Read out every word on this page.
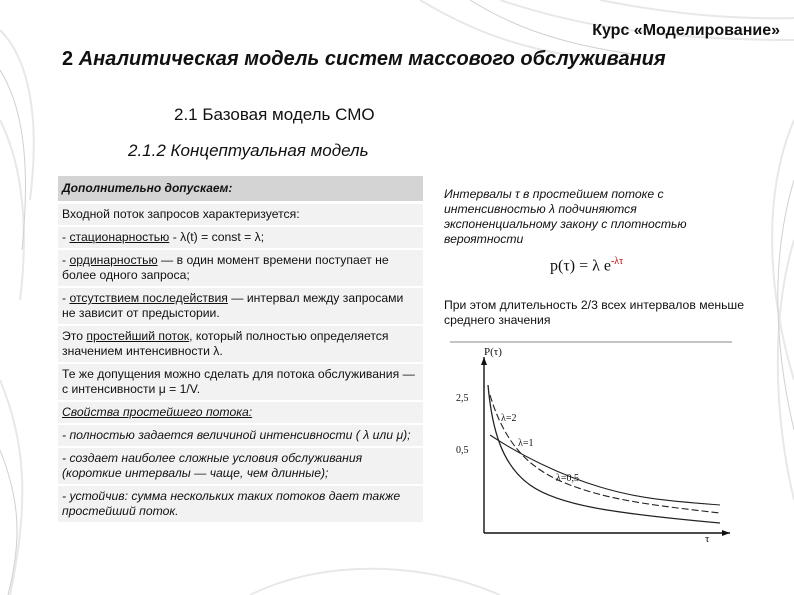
Курс «Моделирование»
2 Аналитическая модель систем массового обслуживания
2.1 Базовая модель СМО
2.1.2 Концептуальная модель
Дополнительно допускаем:
Входной поток запросов характеризуется:
- стационарностью - λ(t) = const = λ;
- ординарностью — в один момент времени поступает не более одного запроса;
- отсутствием последействия — интервал между запросами не зависит от предыстории.
Это простейший поток, который полностью определяется значением интенсивности λ.
Те же допущения можно сделать для потока обслуживания — с интенсивности μ = 1/V.
Свойства простейшего потока:
- полностью задается величиной интенсивности ( λ или μ);
- создает наиболее сложные условия обслуживания (короткие интервалы — чаще, чем длинные);
- устойчив: сумма нескольких таких потоков дает также простейший поток.
Интервалы τ в простейшем потоке с интенсивностью λ подчиняются экспоненциальному закону с плотностью вероятности
p(τ) = λ $e^{-\lambda\tau}$
При этом длительность 2/3 всех интервалов меньше среднего значения
P(τ)
τ
2,5
0,5
λ=2
λ=1
λ=0,5
